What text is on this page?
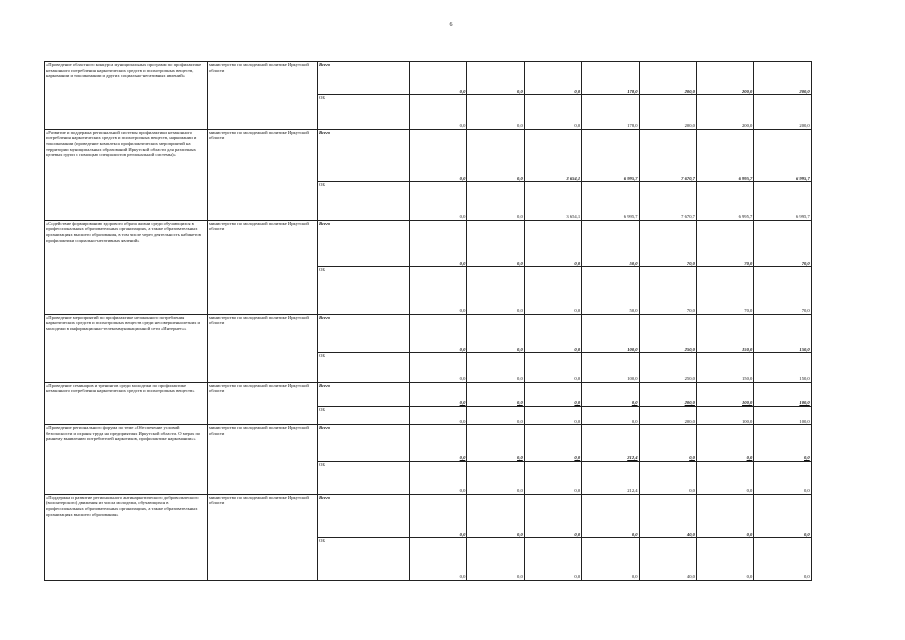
6
«Проведение областного конкурса муниципальных программ по профилактике незаконного потребления наркотических средств и психотропных веществ, наркомании и токсикомании и других социально-негативных явлений»	министерство по молодежной политике Иркутской области	Всего	0,0	0,0	0,0	178,0	200,0	200,0	200,0
		ОБ	0,0	0,0	0,0	178,0	200,0	200,0	200,0
«Развитие и поддержка региональной системы профилактики незаконного потребления наркотических средств и психотропных веществ, наркомании и токсикомании (проведение комплекса профилактических мероприятий на территории муниципальных образований Иркутской области для различных целевых групп с помощью специалистов региональной системы)»	министерство по молодежной политике Иркутской области	Всего	0,0	0,0	3 654,1	6 995,7	7 670,7	6 995,7	6 995,7
		ОБ	0,0	0,0	3 654,1	6 995,7	7 670,7	6 995,7	6 995,7
«Содействие формированию здорового образа жизни среди обучающихся в профессиональных образовательных организациях, а также образовательных организациях высшего образования, в том числе через деятельность кабинетов профилактики социально-негативных явлений»	министерство по молодежной политике Иркутской области	Всего	0,0	0,0	0,0	50,0	70,0	70,0	70,0
		ОБ	0,0	0,0	0,0	50,0	70,0	70,0	70,0
«Проведение мероприятий по профилактике незаконного потребления наркотических средств и психотропных веществ среди несовершеннолетних и молодежи в информационно-телекоммуникационной сети «Интернет»»	министерство по молодежной политике Иркутской области	Всего	0,0	0,0	0,0	100,0	250,0	150,0	150,0
		ОБ	0,0	0,0	0,0	100,0	250,0	150,0	150,0
«Проведение семинаров и тренингов среди молодежи по профилактике незаконного потребления наркотических средств и психотропных веществ»	министерство по молодежной политике Иркутской области	Всего	0,0	0,0	0,0	0,0	200,0	100,0	100,0
		ОБ	0,0	0,0	0,0	0,0	200,0	100,0	100,0
«Проведение регионального форума по теме «Обеспечение условий безопасности и охраны труда на предприятиях Иркутской области. О мерах по раннему выявлению потребителей наркотиков, профилактике наркомании»»	министерство по молодежной политике Иркутской области	Всего	0,0	0,0	0,0	212,4	0,0	0,0	0,0
		ОБ	0,0	0,0	0,0	212,4	0,0	0,0	0,0
«Поддержка и развитие регионального антинаркотического добровольческого (волонтерского) движения из числа молодежи, обучающихся в профессиональных образовательных организациях, а также образовательных организациях высшего образования»	министерство по молодежной политике Иркутской области	Всего	0,0	0,0	0,0	0,0	40,0	0,0	0,0
		ОБ	0,0	0,0	0,0	0,0	40,0	0,0	0,0
